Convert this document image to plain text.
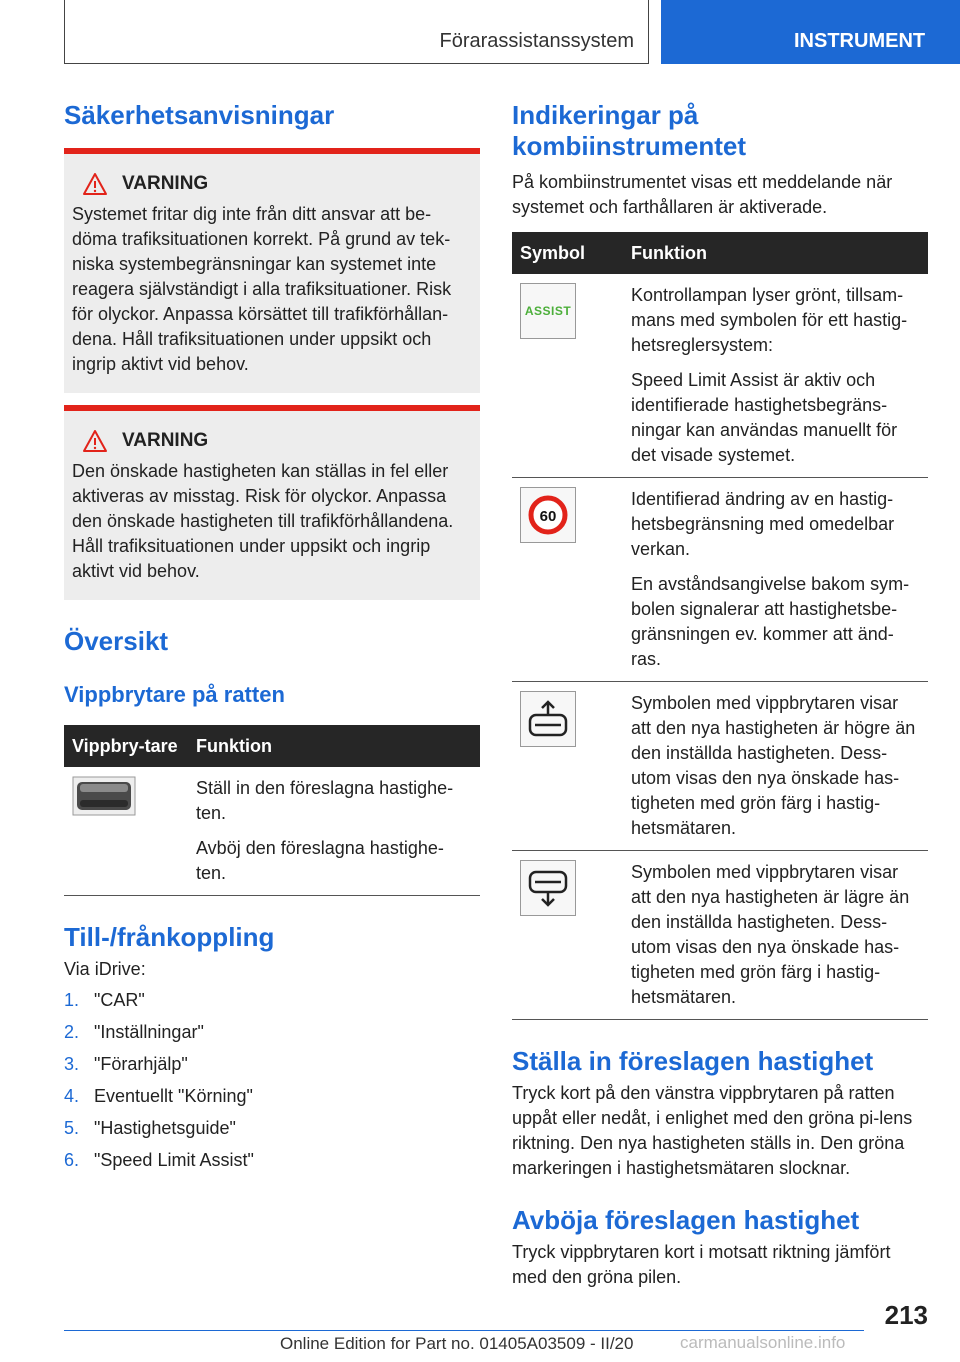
Förarassistanssystem	INSTRUMENT
Säkerhetsanvisningar
VARNING

Systemet fritar dig inte från ditt ansvar att be-döma trafiksituationen korrekt. På grund av tek-niska systembegränsningar kan systemet inte reagera självständigt i alla trafiksituationer. Risk för olyckor. Anpassa körsättet till trafikförhållan-dena. Håll trafiksituationen under uppsikt och ingrip aktivt vid behov.

VARNING

Den önskade hastigheten kan ställas in fel eller aktiveras av misstag. Risk för olyckor. Anpassa den önskade hastigheten till trafikförhållandena. Håll trafiksituationen under uppsikt och ingrip aktivt vid behov.

Översikt
Vippbrytare på ratten
Vippbry-tare	Funktion

Ställ in den föreslagna hastighe-ten.

Avböj den föreslagna hastighe-ten.

Till-/frånkoppling

Via iDrive:

1. "CAR"
2. "Inställningar"
3. "Förarhjälp"
4. Eventuellt "Körning"
5. "Hastighetsguide"
6. "Speed Limit Assist"
Indikeringar på kombiinstrumentet

På kombiinstrumentet visas ett meddelande när systemet och farthållaren är aktiverade.

Symbol	Funktion

ASSIST	Kontrollampan lyser grönt, tillsam-mans med symbolen för ett hastig-hetsreglersystem:

Speed Limit Assist är aktiv och identifierade hastighetsbegräns-ningar kan användas manuellt för det visade systemet.

60	Identifierad ändring av en hastig-hetsbegränsning med omedelbar verkan.

En avståndsangivelse bakom sym-bolen signalerar att hastighetsbe-gränsningen ev. kommer att änd-ras.

Symbolen med vippbrytaren visar att den nya hastigheten är högre än den inställda hastigheten. Dess-utom visas den nya önskade has-tigheten med grön färg i hastig-hetsmätaren.

Symbolen med vippbrytaren visar att den nya hastigheten är lägre än den inställda hastigheten. Dess-utom visas den nya önskade has-tigheten med grön färg i hastig-hetsmätaren.

Ställa in föreslagen hastighet

Tryck kort på den vänstra vippbrytaren på ratten uppåt eller nedåt, i enlighet med den gröna pi-lens riktning. Den nya hastigheten ställs in. Den gröna markeringen i hastighetsmätaren slocknar.

Avböja föreslagen hastighet

Tryck vippbrytaren kort i motsatt riktning jämfört med den gröna pilen.

213
Online Edition for Part no. 01405A03509 - II/20	carmanualsonline.info
